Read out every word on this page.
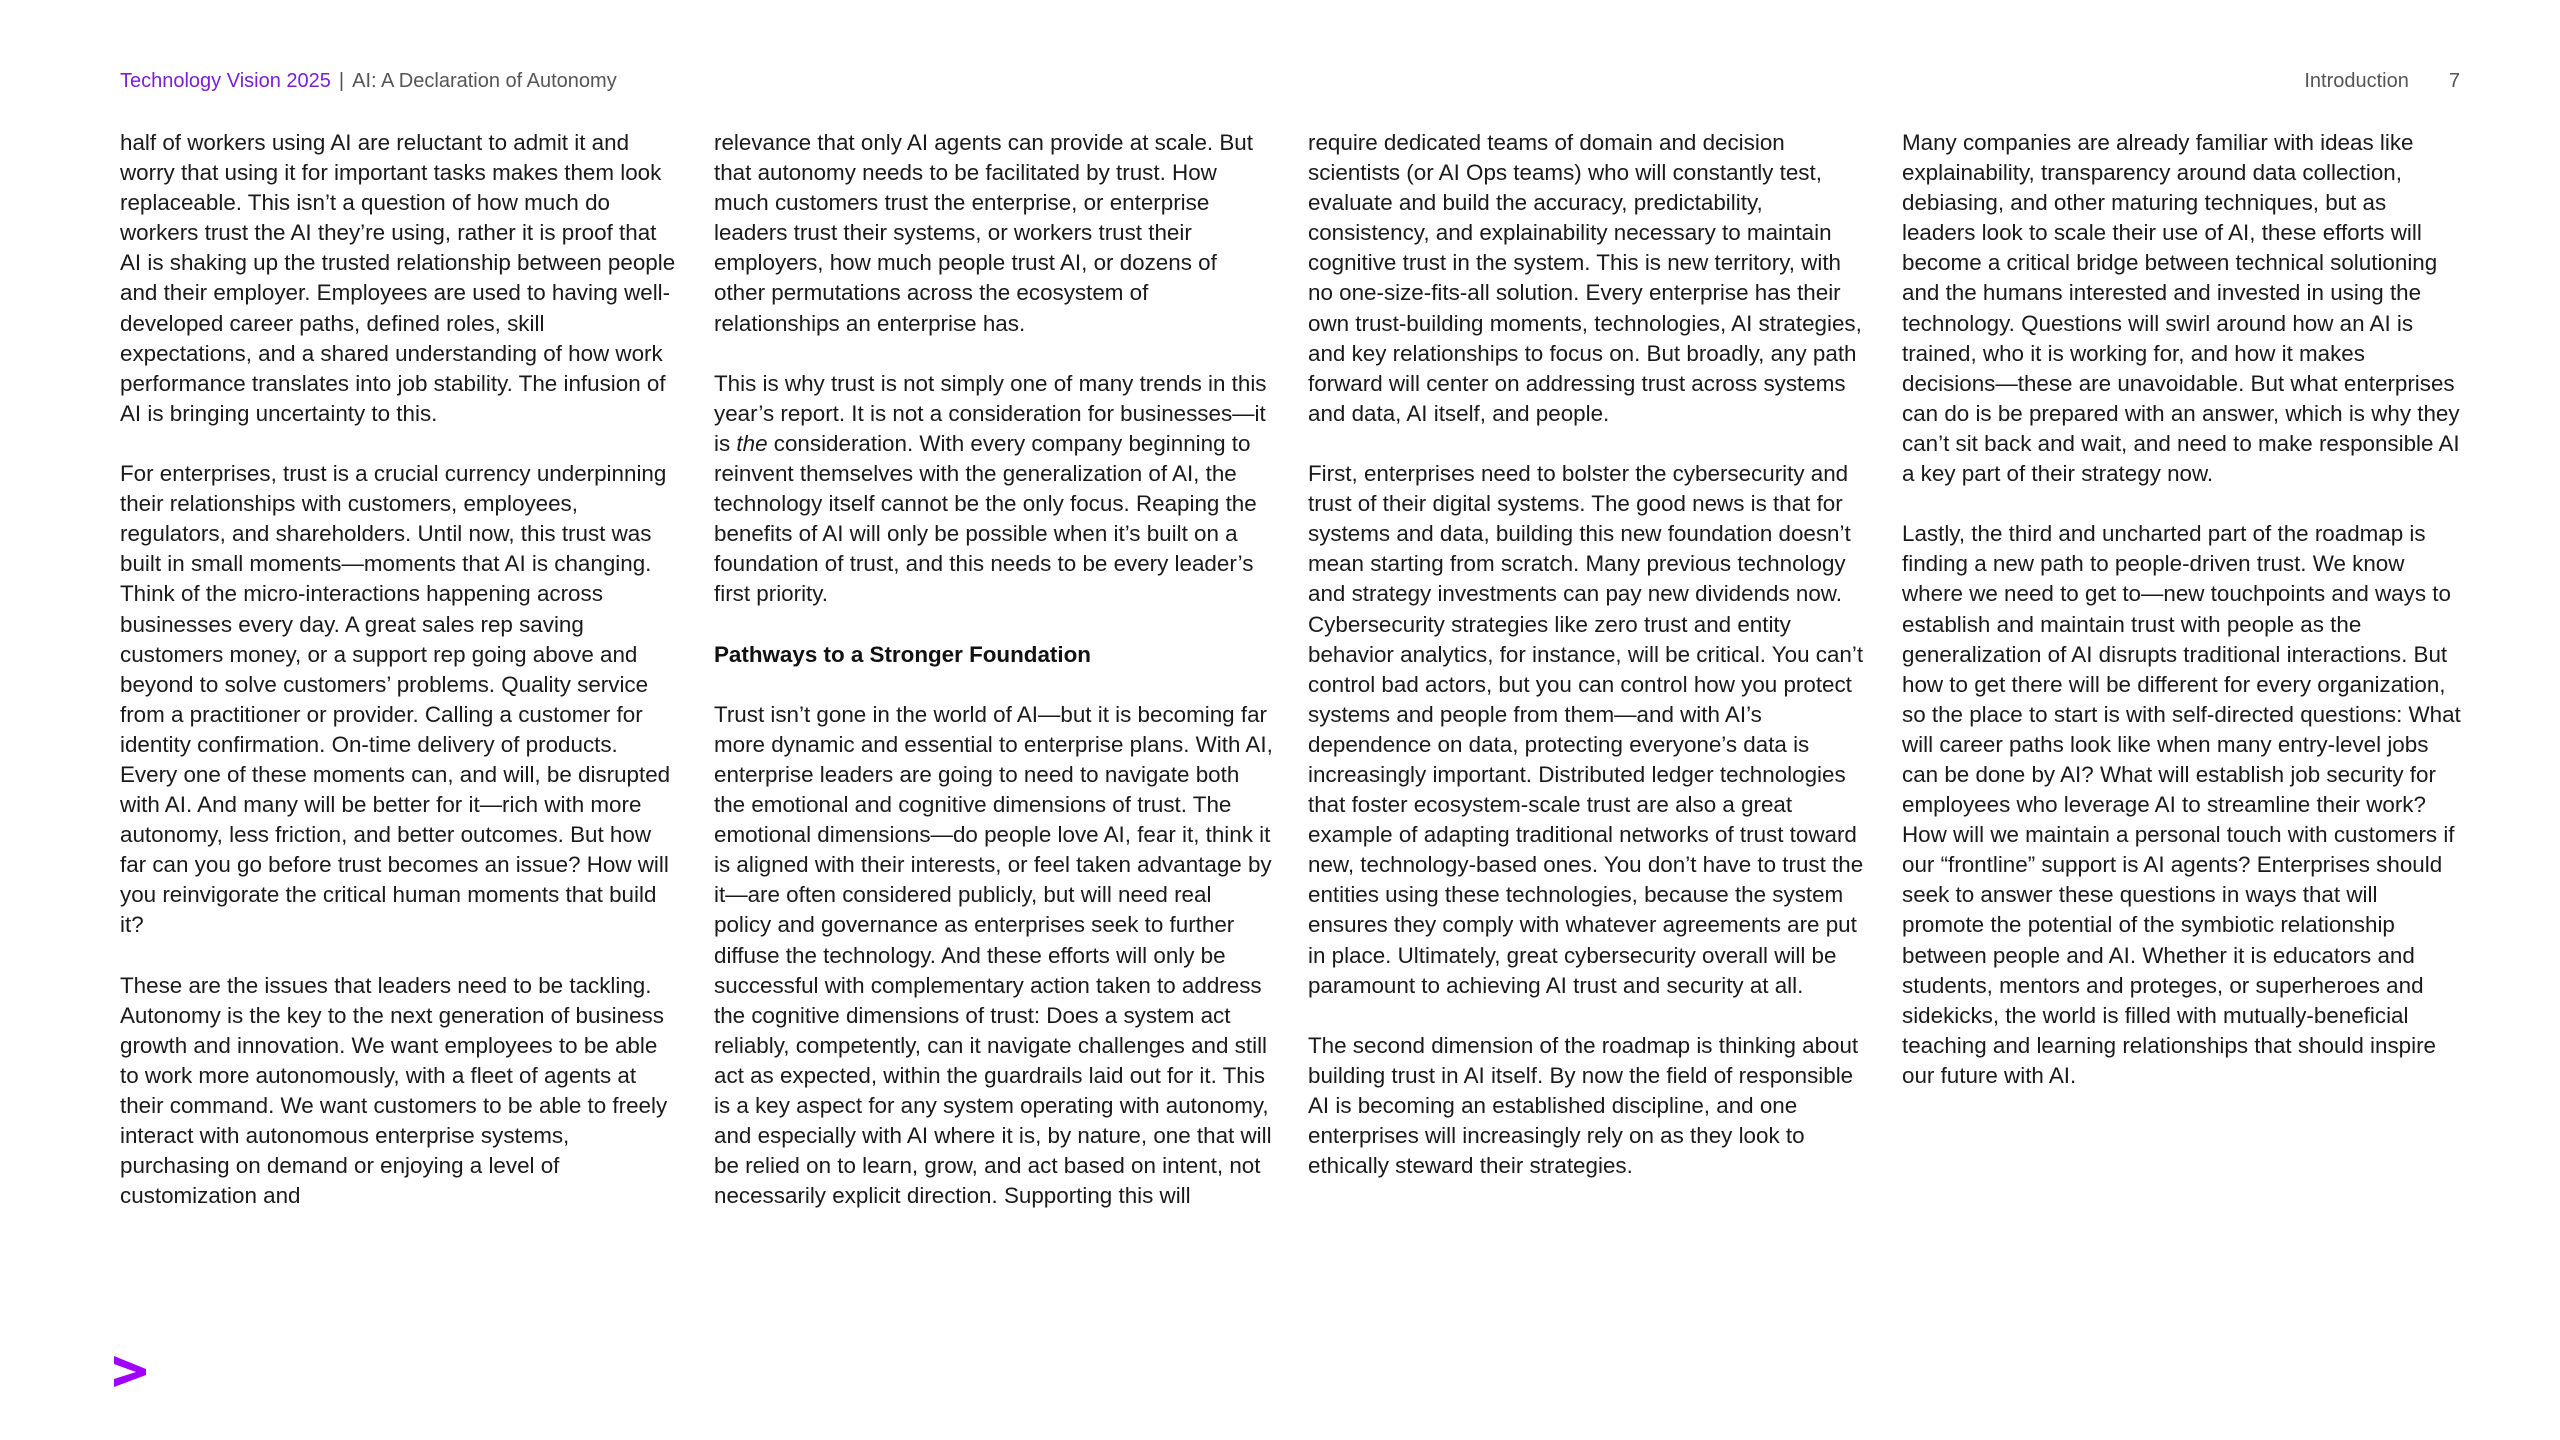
Technology Vision 2025 | AI: A Declaration of Autonomy	Introduction 7

half of workers using AI are reluctant to admit it and worry that using it for important tasks makes them look replaceable. This isn’t a question of how much do workers trust the AI they’re using, rather it is proof that AI is shaking up the trusted relationship between people and their employer. Employees are used to having well-developed career paths, defined roles, skill expectations, and a shared understanding of how work performance translates into job stability. The infusion of AI is bringing uncertainty to this.

For enterprises, trust is a crucial currency underpinning their relationships with customers, employees, regulators, and shareholders. Until now, this trust was built in small moments—moments that AI is changing. Think of the micro-interactions happening across businesses every day. A great sales rep saving customers money, or a support rep going above and beyond to solve customers’ problems. Quality service from a practitioner or provider. Calling a customer for identity confirmation. On-time delivery of products. Every one of these moments can, and will, be disrupted with AI. And many will be better for it—rich with more autonomy, less friction, and better outcomes. But how far can you go before trust becomes an issue? How will you reinvigorate the critical human moments that build it?

These are the issues that leaders need to be tackling. Autonomy is the key to the next generation of business growth and innovation. We want employees to be able to work more autonomously, with a fleet of agents at their command. We want customers to be able to freely interact with autonomous enterprise systems, purchasing on demand or enjoying a level of customization and

relevance that only AI agents can provide at scale. But that autonomy needs to be facilitated by trust. How much customers trust the enterprise, or enterprise leaders trust their systems, or workers trust their employers, how much people trust AI, or dozens of other permutations across the ecosystem of relationships an enterprise has.

This is why trust is not simply one of many trends in this year’s report. It is not a consideration for businesses—it is the consideration. With every company beginning to reinvent themselves with the generalization of AI, the technology itself cannot be the only focus. Reaping the benefits of AI will only be possible when it’s built on a foundation of trust, and this needs to be every leader’s first priority.

Pathways to a Stronger Foundation

Trust isn’t gone in the world of AI—but it is becoming far more dynamic and essential to enterprise plans. With AI, enterprise leaders are going to need to navigate both the emotional and cognitive dimensions of trust. The emotional dimensions—do people love AI, fear it, think it is aligned with their interests, or feel taken advantage by it—are often considered publicly, but will need real policy and governance as enterprises seek to further diffuse the technology. And these efforts will only be successful with complementary action taken to address the cognitive dimensions of trust: Does a system act reliably, competently, can it navigate challenges and still act as expected, within the guardrails laid out for it. This is a key aspect for any system operating with autonomy, and especially with AI where it is, by nature, one that will be relied on to learn, grow, and act based on intent, not necessarily explicit direction. Supporting this will

require dedicated teams of domain and decision scientists (or AI Ops teams) who will constantly test, evaluate and build the accuracy, predictability, consistency, and explainability necessary to maintain cognitive trust in the system. This is new territory, with no one-size-fits-all solution. Every enterprise has their own trust-building moments, technologies, AI strategies, and key relationships to focus on. But broadly, any path forward will center on addressing trust across systems and data, AI itself, and people.

First, enterprises need to bolster the cybersecurity and trust of their digital systems. The good news is that for systems and data, building this new foundation doesn’t mean starting from scratch. Many previous technology and strategy investments can pay new dividends now. Cybersecurity strategies like zero trust and entity behavior analytics, for instance, will be critical. You can’t control bad actors, but you can control how you protect systems and people from them—and with AI’s dependence on data, protecting everyone’s data is increasingly important. Distributed ledger technologies that foster ecosystem-scale trust are also a great example of adapting traditional networks of trust toward new, technology-based ones. You don’t have to trust the entities using these technologies, because the system ensures they comply with whatever agreements are put in place. Ultimately, great cybersecurity overall will be paramount to achieving AI trust and security at all.

The second dimension of the roadmap is thinking about building trust in AI itself. By now the field of responsible AI is becoming an established discipline, and one enterprises will increasingly rely on as they look to ethically steward their strategies.

Many companies are already familiar with ideas like explainability, transparency around data collection, debiasing, and other maturing techniques, but as leaders look to scale their use of AI, these efforts will become a critical bridge between technical solutioning and the humans interested and invested in using the technology. Questions will swirl around how an AI is trained, who it is working for, and how it makes decisions—these are unavoidable. But what enterprises can do is be prepared with an answer, which is why they can’t sit back and wait, and need to make responsible AI a key part of their strategy now.

Lastly, the third and uncharted part of the roadmap is finding a new path to people-driven trust. We know where we need to get to—new touchpoints and ways to establish and maintain trust with people as the generalization of AI disrupts traditional interactions. But how to get there will be different for every organization, so the place to start is with self-directed questions: What will career paths look like when many entry-level jobs can be done by AI? What will establish job security for employees who leverage AI to streamline their work? How will we maintain a personal touch with customers if our “frontline” support is AI agents? Enterprises should seek to answer these questions in ways that will promote the potential of the symbiotic relationship between people and AI. Whether it is educators and students, mentors and proteges, or superheroes and sidekicks, the world is filled with mutually-beneficial teaching and learning relationships that should inspire our future with AI.
